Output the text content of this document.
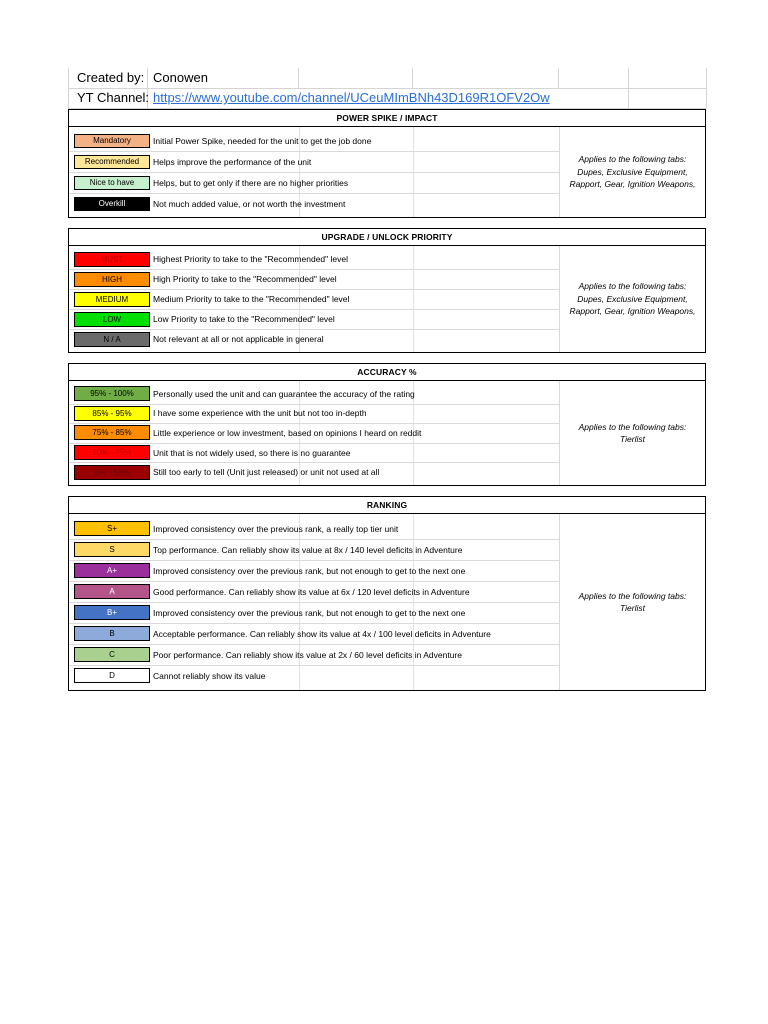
Created by: Conowen
YT Channel: https://www.youtube.com/channel/UCeuMImBNh43D169R1OFV2Ow
POWER SPIKE / IMPACT
Mandatory	Initial Power Spike, needed for the unit to get the job done
Recommended	Helps improve the performance of the unit
Nice to have	Helps, but to get only if there are no higher priorities
Overkill	Not much added value, or not worth the investment
Applies to the following tabs:
Dupes, Exclusive Equipment,
Rapport, Gear, Ignition Weapons,
UPGRADE / UNLOCK PRIORITY
MUST	Highest Priority to take to the "Recommended" level
HIGH	High Priority to take to the "Recommended" level
MEDIUM	Medium Priority to take to the "Recommended" level
LOW	Low Priority to take to the "Recommended" level
N / A	Not relevant at all or not applicable in general
Applies to the following tabs:
Dupes, Exclusive Equipment,
Rapport, Gear, Ignition Weapons,
ACCURACY %
95% - 100%	Personally used the unit and can guarantee the accuracy of the rating
85% - 95%	I have some experience with the unit but not too in-depth
75% - 85%	Little experience or low investment, based on opinions I heard on reddit
50% - 75%	Unit that is not widely used, so there is no guarantee
0% - 50%	Still too early to tell (Unit just released) or unit not used at all
Applies to the following tabs:
Tierlist
RANKING
S+	Improved consistency over the previous rank, a really top tier unit
S	Top performance. Can reliably show its value at 8x / 140 level deficits in Adventure
A+	Improved consistency over the previous rank, but not enough to get to the next one
A	Good performance. Can reliably show its value at 6x / 120 level deficits in Adventure
B+	Improved consistency over the previous rank, but not enough to get to the next one
B	Acceptable performance. Can reliably show its value at 4x / 100 level deficits in Adventure
C	Poor performance. Can reliably show its value at 2x / 60 level deficits in Adventure
D	Cannot reliably show its value
Applies to the following tabs:
Tierlist
